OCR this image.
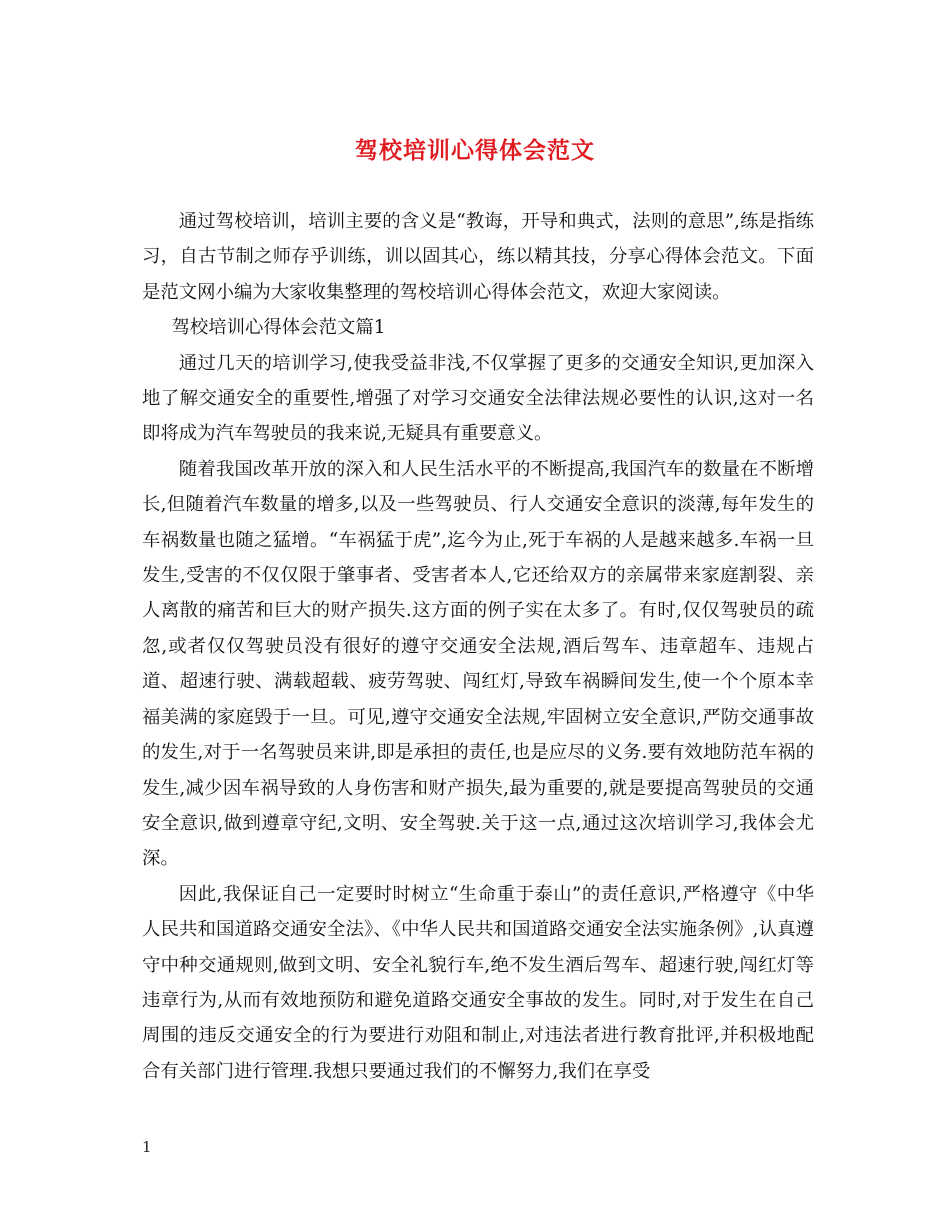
驾校培训心得体会范文

通过驾校培训，培训主要的含义是“教诲，开导和典式，法则的意思”,练是指练习，自古节制之师存乎训练，训以固其心，练以精其技，分享心得体会范文。下面是范文网小编为大家收集整理的驾校培训心得体会范文，欢迎大家阅读。

驾校培训心得体会范文篇1

通过几天的培训学习,使我受益非浅,不仅掌握了更多的交通安全知识,更加深入地了解交通安全的重要性,增强了对学习交通安全法律法规必要性的认识,这对一名即将成为汽车驾驶员的我来说,无疑具有重要意义。

随着我国改革开放的深入和人民生活水平的不断提高,我国汽车的数量在不断增长,但随着汽车数量的增多,以及一些驾驶员、行人交通安全意识的淡薄,每年发生的车祸数量也随之猛增。“车祸猛于虎”,迄今为止,死于车祸的人是越来越多.车祸一旦发生,受害的不仅仅限于肇事者、受害者本人,它还给双方的亲属带来家庭割裂、亲人离散的痛苦和巨大的财产损失.这方面的例子实在太多了。有时,仅仅驾驶员的疏忽,或者仅仅驾驶员没有很好的遵守交通安全法规,酒后驾车、违章超车、违规占道、超速行驶、满载超载、疲劳驾驶、闯红灯,导致车祸瞬间发生,使一个个原本幸福美满的家庭毁于一旦。可见,遵守交通安全法规,牢固树立安全意识,严防交通事故的发生,对于一名驾驶员来讲,即是承担的责任,也是应尽的义务.要有效地防范车祸的发生,减少因车祸导致的人身伤害和财产损失,最为重要的,就是要提高驾驶员的交通安全意识,做到遵章守纪,文明、安全驾驶.关于这一点,通过这次培训学习,我体会尤深。

因此,我保证自己一定要时时树立“生命重于泰山”的责任意识,严格遵守《中华人民共和国道路交通安全法》、《中华人民共和国道路交通安全法实施条例》,认真遵守中种交通规则,做到文明、安全礼貌行车,绝不发生酒后驾车、超速行驶,闯红灯等违章行为,从而有效地预防和避免道路交通安全事故的发生。同时,对于发生在自己周围的违反交通安全的行为要进行劝阻和制止,对违法者进行教育批评,并积极地配合有关部门进行管理.我想只要通过我们的不懈努力,我们在享受

1
